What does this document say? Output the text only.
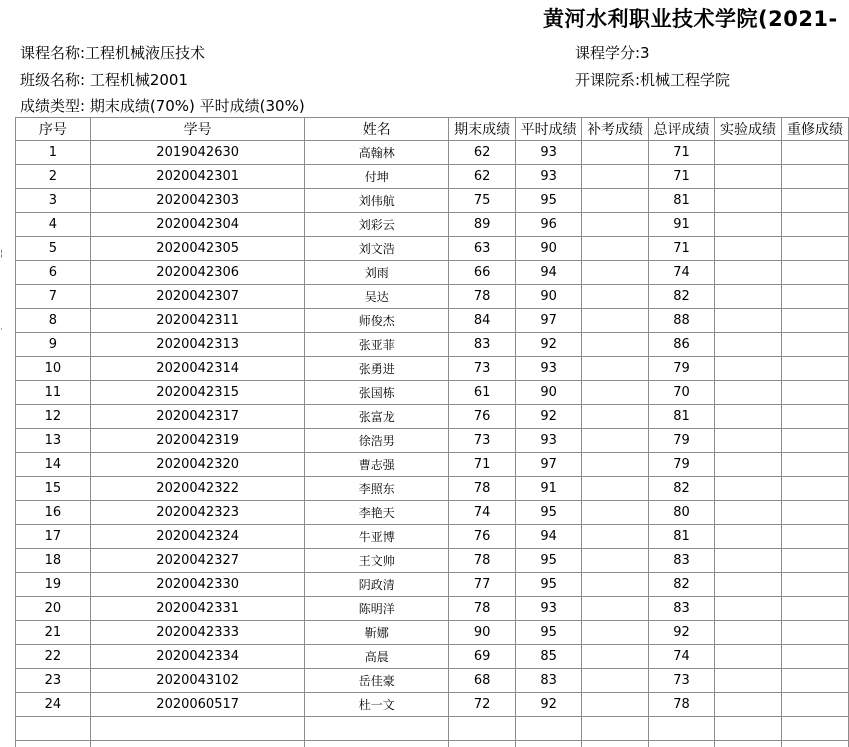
¦
·
黄河水利职业技术学院(2021-
课程名称:工程机械液压技术
班级名称: 工程机械2001
成绩类型: 期末成绩(70%) 平时成绩(30%)
课程学分:3
开课院系:机械工程学院
序号	学号	姓名	期末成绩	平时成绩	补考成绩	总评成绩	实验成绩	重修成绩
1	2019042630	高翰林	62	93		71		
2	2020042301	付坤	62	93		71		
3	2020042303	刘伟航	75	95		81		
4	2020042304	刘彩云	89	96		91		
5	2020042305	刘文浩	63	90		71		
6	2020042306	刘雨	66	94		74		
7	2020042307	吴达	78	90		82		
8	2020042311	师俊杰	84	97		88		
9	2020042313	张亚菲	83	92		86		
10	2020042314	张勇进	73	93		79		
11	2020042315	张国栋	61	90		70		
12	2020042317	张富龙	76	92		81		
13	2020042319	徐浩男	73	93		79		
14	2020042320	曹志强	71	97		79		
15	2020042322	李照东	78	91		82		
16	2020042323	李艳天	74	95		80		
17	2020042324	牛亚博	76	94		81		
18	2020042327	王文帅	78	95		83		
19	2020042330	阴政清	77	95		82		
20	2020042331	陈明洋	78	93		83		
21	2020042333	靳娜	90	95		92		
22	2020042334	高晨	69	85		74		
23	2020043102	岳佳豪	68	83		73		
24	2020060517	杜一文	72	92		78		
